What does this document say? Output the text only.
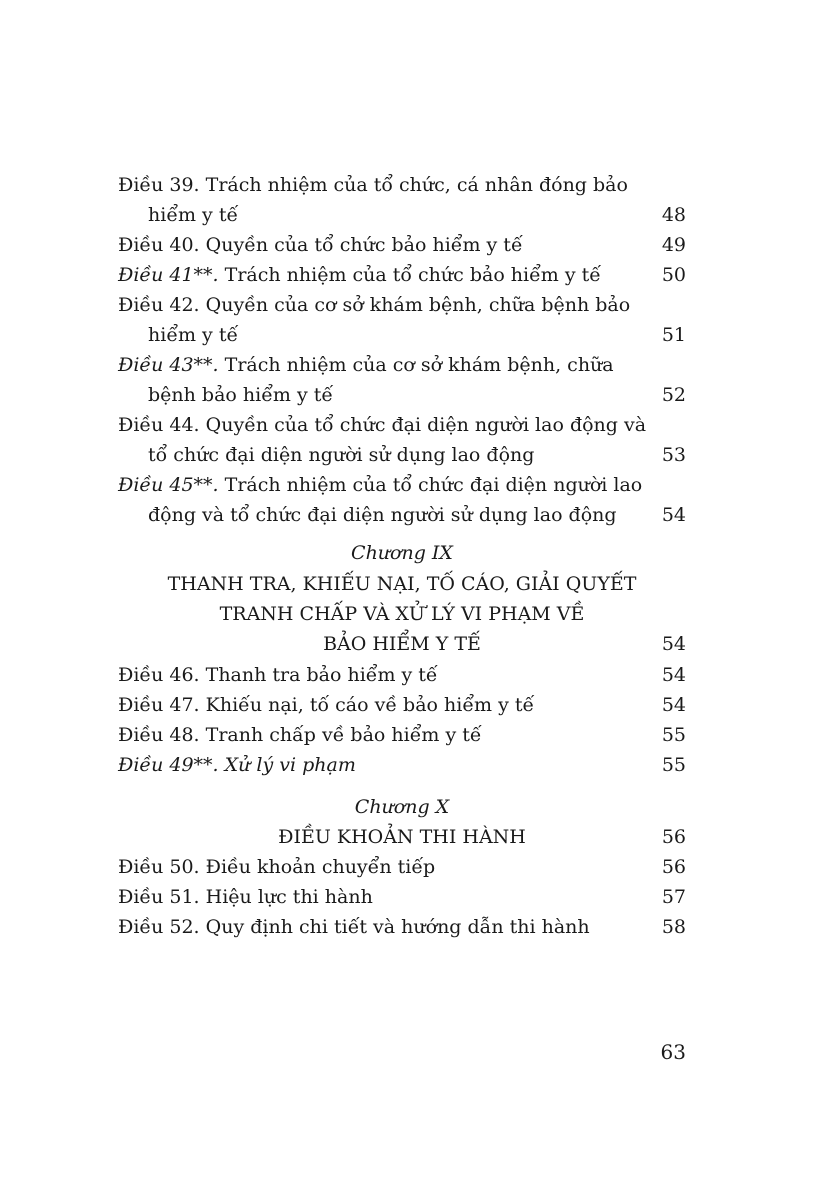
Điều 39. Trách nhiệm của tổ chức, cá nhân đóng bảo
hiểm y tế	48
Điều 40. Quyền của tổ chức bảo hiểm y tế	49
Điều 41**. Trách nhiệm của tổ chức bảo hiểm y tế	50
Điều 42. Quyền của cơ sở khám bệnh, chữa bệnh bảo
hiểm y tế	51
Điều 43**. Trách nhiệm của cơ sở khám bệnh, chữa
bệnh bảo hiểm y tế	52
Điều 44. Quyền của tổ chức đại diện người lao động và
tổ chức đại diện người sử dụng lao động	53
Điều 45**. Trách nhiệm của tổ chức đại diện người lao
động và tổ chức đại diện người sử dụng lao động 54
Chương IX
THANH TRA, KHIẾU NẠI, TỐ CÁO, GIẢI QUYẾT
TRANH CHẤP VÀ XỬ LÝ VI PHẠM VỀ
BẢO HIỂM Y TẾ	54
Điều 46. Thanh tra bảo hiểm y tế	54
Điều 47. Khiếu nại, tố cáo về bảo hiểm y tế	54
Điều 48. Tranh chấp về bảo hiểm y tế	55
Điều 49**. Xử lý vi phạm	55
Chương X
ĐIỀU KHOẢN THI HÀNH	56
Điều 50. Điều khoản chuyển tiếp	56
Điều 51. Hiệu lực thi hành	57
Điều 52. Quy định chi tiết và hướng dẫn thi hành	58
63
